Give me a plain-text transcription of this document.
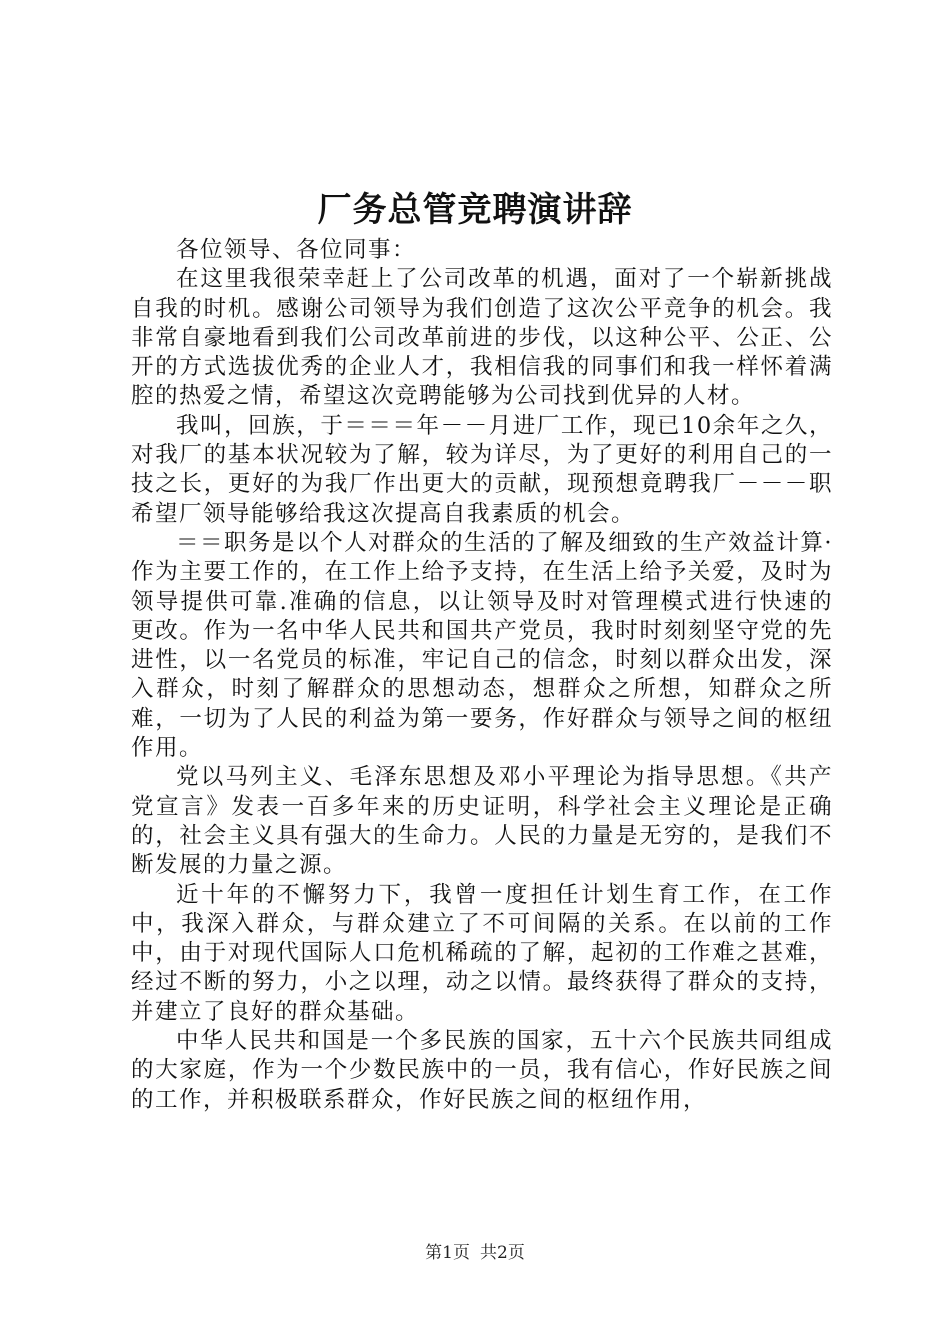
厂务总管竞聘演讲辞

各位领导、各位同事：

在这里我很荣幸赶上了公司改革的机遇，面对了一个崭新挑战自我的时机。感谢公司领导为我们创造了这次公平竞争的机会。我非常自豪地看到我们公司改革前进的步伐，以这种公平、公正、公开的方式选拔优秀的企业人才，我相信我的同事们和我一样怀着满腔的热爱之情，希望这次竞聘能够为公司找到优异的人材。

我叫，回族，于＝＝＝年－－月进厂工作，现已10余年之久，对我厂的基本状况较为了解，较为详尽，为了更好的利用自己的一技之长，更好的为我厂作出更大的贡献，现预想竟聘我厂－－－职希望厂领导能够给我这次提高自我素质的机会。

＝＝职务是以个人对群众的生活的了解及细致的生产效益计算·作为主要工作的，在工作上给予支持，在生活上给予关爱，及时为领导提供可靠.准确的信息，以让领导及时对管理模式进行快速的更改。作为一名中华人民共和国共产党员，我时时刻刻坚守党的先进性，以一名党员的标准，牢记自己的信念，时刻以群众出发，深入群众，时刻了解群众的思想动态，想群众之所想，知群众之所难，一切为了人民的利益为第一要务，作好群众与领导之间的枢纽作用。

党以马列主义、毛泽东思想及邓小平理论为指导思想。《共产党宣言》发表一百多年来的历史证明，科学社会主义理论是正确的，社会主义具有强大的生命力。人民的力量是无穷的，是我们不断发展的力量之源。

近十年的不懈努力下，我曾一度担任计划生育工作，在工作中，我深入群众，与群众建立了不可间隔的关系。在以前的工作中，由于对现代国际人口危机稀疏的了解，起初的工作难之甚难，经过不断的努力，小之以理，动之以情。最终获得了群众的支持，并建立了良好的群众基础。

中华人民共和国是一个多民族的国家，五十六个民族共同组成的大家庭，作为一个少数民族中的一员，我有信心，作好民族之间的工作，并积极联系群众，作好民族之间的枢纽作用，

第1页 共2页
